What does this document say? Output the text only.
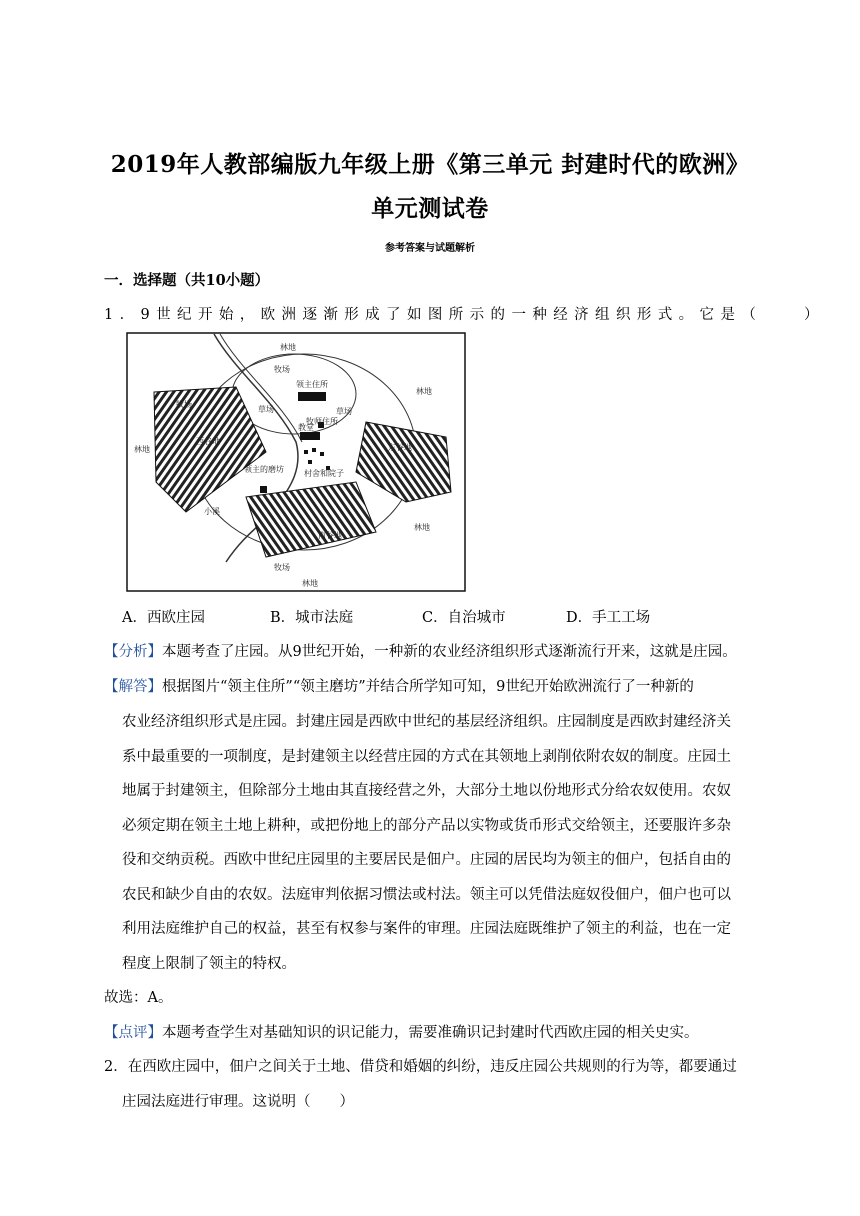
2019年人教部编版九年级上册《第三单元 封建时代的欧洲》
单元测试卷
参考答案与试题解析
一．选择题（共10小题）
1．9世纪开始，欧洲逐渐形成了如图所示的一种经济组织形式。它是（　　）
林地
牧场
领主住所
牧场
草场
牧师住所
教堂
草场
林地
东谷地
林地
西谷地
领主的磨坊	村舍和院子
小溪
南谷地
林地
牧场
林地
A．西欧庄园	B．城市法庭	C．自治城市	D．手工工场
【分析】本题考查了庄园。从9世纪开始，一种新的农业经济组织形式逐渐流行开来，这就是庄园。
【解答】根据图片“领主住所”“领主磨坊”并结合所学知可知，9世纪开始欧洲流行了一种新的
农业经济组织形式是庄园。封建庄园是西欧中世纪的基层经济组织。庄园制度是西欧封建经济关
系中最重要的一项制度，是封建领主以经营庄园的方式在其领地上剥削依附农奴的制度。庄园土
地属于封建领主，但除部分土地由其直接经营之外，大部分土地以份地形式分给农奴使用。农奴
必须定期在领主土地上耕种，或把份地上的部分产品以实物或货币形式交给领主，还要服许多杂
役和交纳贡税。西欧中世纪庄园里的主要居民是佃户。庄园的居民均为领主的佃户，包括自由的
农民和缺少自由的农奴。法庭审判依据习惯法或村法。领主可以凭借法庭奴役佃户，佃户也可以
利用法庭维护自己的权益，甚至有权参与案件的审理。庄园法庭既维护了领主的利益，也在一定
程度上限制了领主的特权。
故选：A。
【点评】本题考查学生对基础知识的识记能力，需要准确识记封建时代西欧庄园的相关史实。
2．在西欧庄园中，佃户之间关于土地、借贷和婚姻的纠纷，违反庄园公共规则的行为等，都要通过
庄园法庭进行审理。这说明（　　）
